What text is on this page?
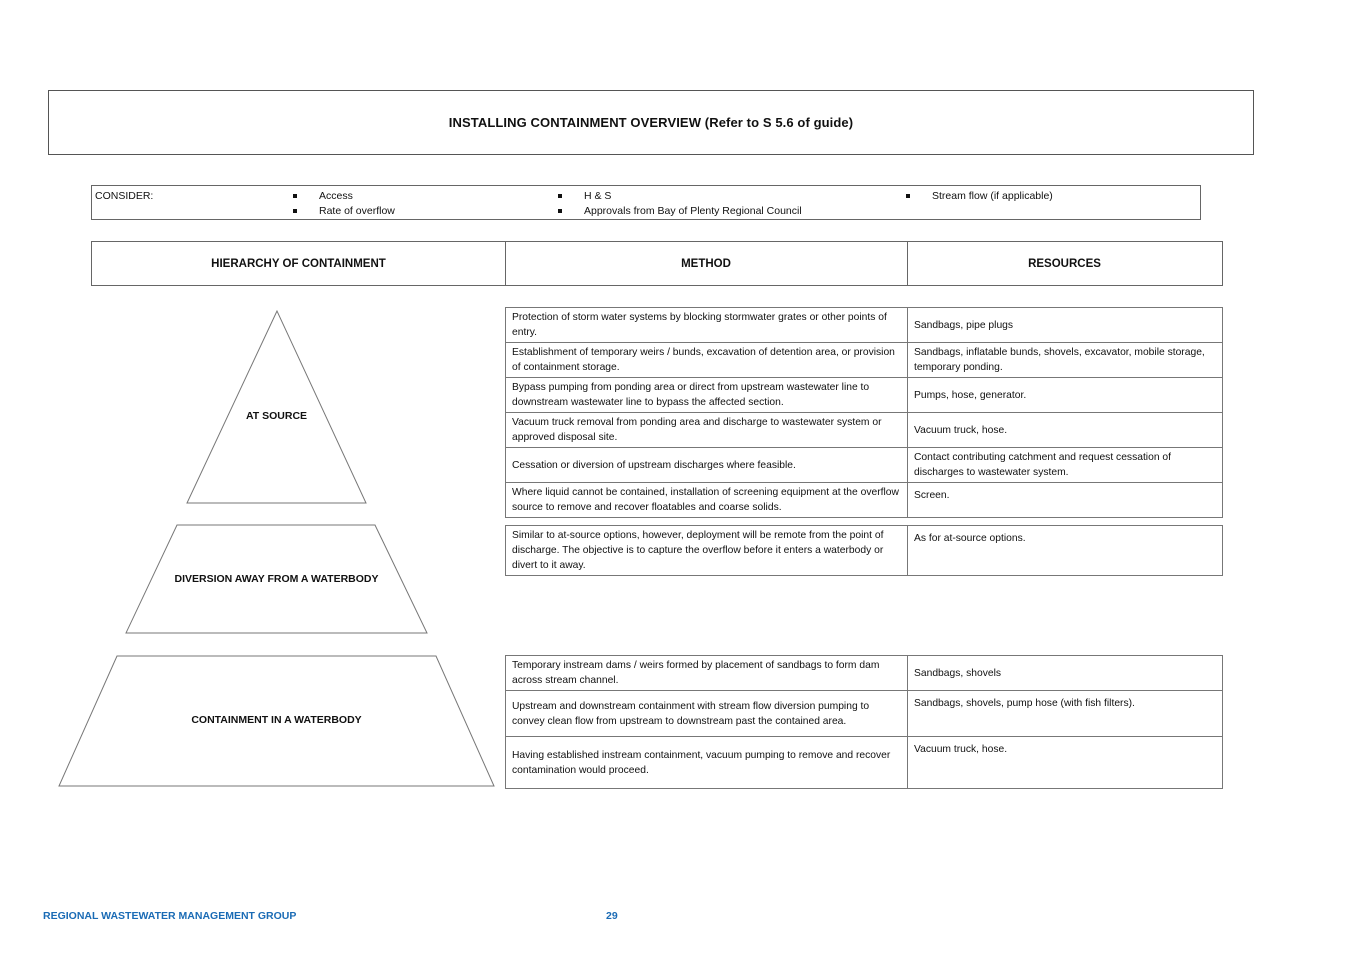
INSTALLING CONTAINMENT OVERVIEW (Refer to S 5.6 of guide)
CONSIDER:	Access
Rate of overflow
H & S
Approvals from Bay of Plenty Regional Council
Stream flow (if applicable)
HIERARCHY OF CONTAINMENT	METHOD	RESOURCES
AT SOURCE
DIVERSION AWAY FROM A WATERBODY
CONTAINMENT IN A WATERBODY
Protection of storm water systems by blocking stormwater grates or other points of entry.	Sandbags, pipe plugs
Establishment of temporary weirs / bunds, excavation of detention area, or provision of containment storage.	Sandbags, inflatable bunds, shovels, excavator, mobile storage, temporary ponding.
Bypass pumping from ponding area or direct from upstream wastewater line to downstream wastewater line to bypass the affected section.	Pumps, hose, generator.
Vacuum truck removal from ponding area and discharge to wastewater system or approved disposal site.	Vacuum truck, hose.
Cessation or diversion of upstream discharges where feasible.	Contact contributing catchment and request cessation of discharges to wastewater system.
Where liquid cannot be contained, installation of screening equipment at the overflow source to remove and recover floatables and coarse solids.	Screen.
Similar to at-source options, however, deployment will be remote from the point of discharge. The objective is to capture the overflow before it enters a waterbody or divert to it away.	As for at-source options.
Temporary instream dams / weirs formed by placement of sandbags to form dam across stream channel.	Sandbags, shovels
Upstream and downstream containment with stream flow diversion pumping to convey clean flow from upstream to downstream past the contained area.	Sandbags, shovels, pump hose (with fish filters).
Having established instream containment, vacuum pumping to remove and recover contamination would proceed.	Vacuum truck, hose.
REGIONAL WASTEWATER MANAGEMENT GROUP	29
